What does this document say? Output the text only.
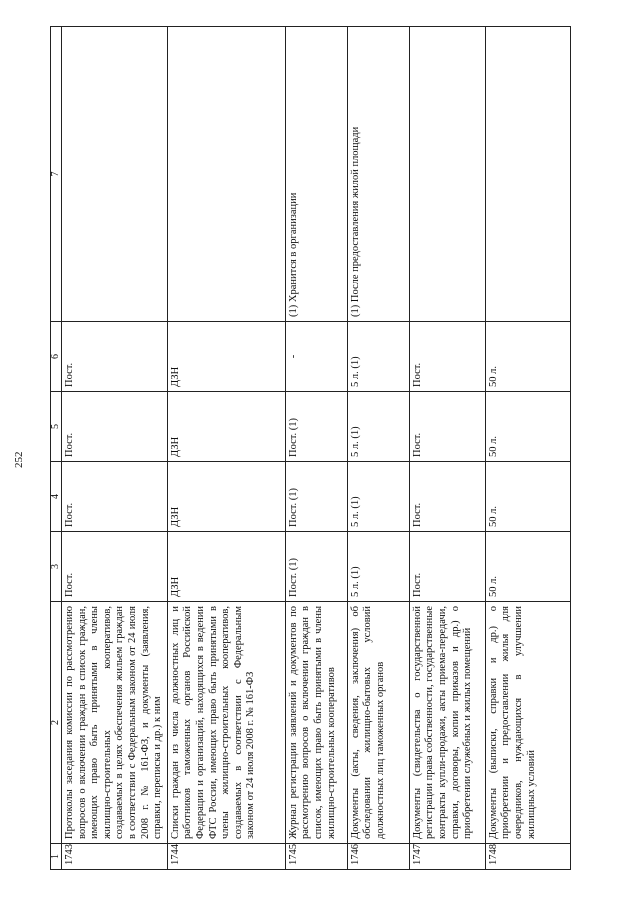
252
1	2	3	4	5	6	7
1743	Протоколы заседания комиссии по рассмотрению вопросов о включении граждан в список граждан, имеющих право быть принятыми в члены жилищно-строительных кооперативов, создаваемых в целях обеспечения жильем граждан в соответствии с Федеральным законом от 24 июля 2008 г. № 161-ФЗ, и документы (заявления, справки, переписка и др.) к ним	Пост.	Пост.	Пост.	Пост.	
1744	Списки граждан из числа должностных лиц и работников таможенных органов Российской Федерации и организаций, находящихся в ведении ФТС России, имеющих право быть принятыми в члены жилищно-строительных кооперативов, создаваемых в соответствии с Федеральным законом от 24 июля 2008 г. № 161-ФЗ	ДЗН	ДЗН	ДЗН	ДЗН	
1745	Журнал регистрации заявлений и документов по рассмотрению вопросов о включении граждан в список, имеющих право быть принятыми в члены жилищно-строительных кооперативов	Пост. (1)	Пост. (1)	Пост. (1)	-	(1) Хранится в организации
1746	Документы (акты, сведения, заключения) об обследовании жилищно-бытовых условий должностных лиц таможенных органов	5 л. (1)	5 л. (1)	5 л. (1)	5 л. (1)	(1) После предоставления жилой площади
1747	Документы (свидетельства о государственной регистрации права собственности, государственные контракты купли-продажи, акты приема-передачи, справки, договоры, копии приказов и др.) о приобретении служебных и жилых помещений	Пост.	Пост.	Пост.	Пост.	
1748	Документы (выписки, справки и др.) о приобретении и предоставлении жилья для очередников, нуждающихся в улучшении жилищных условий	50 л.	50 л.	50 л.	50 л.	
